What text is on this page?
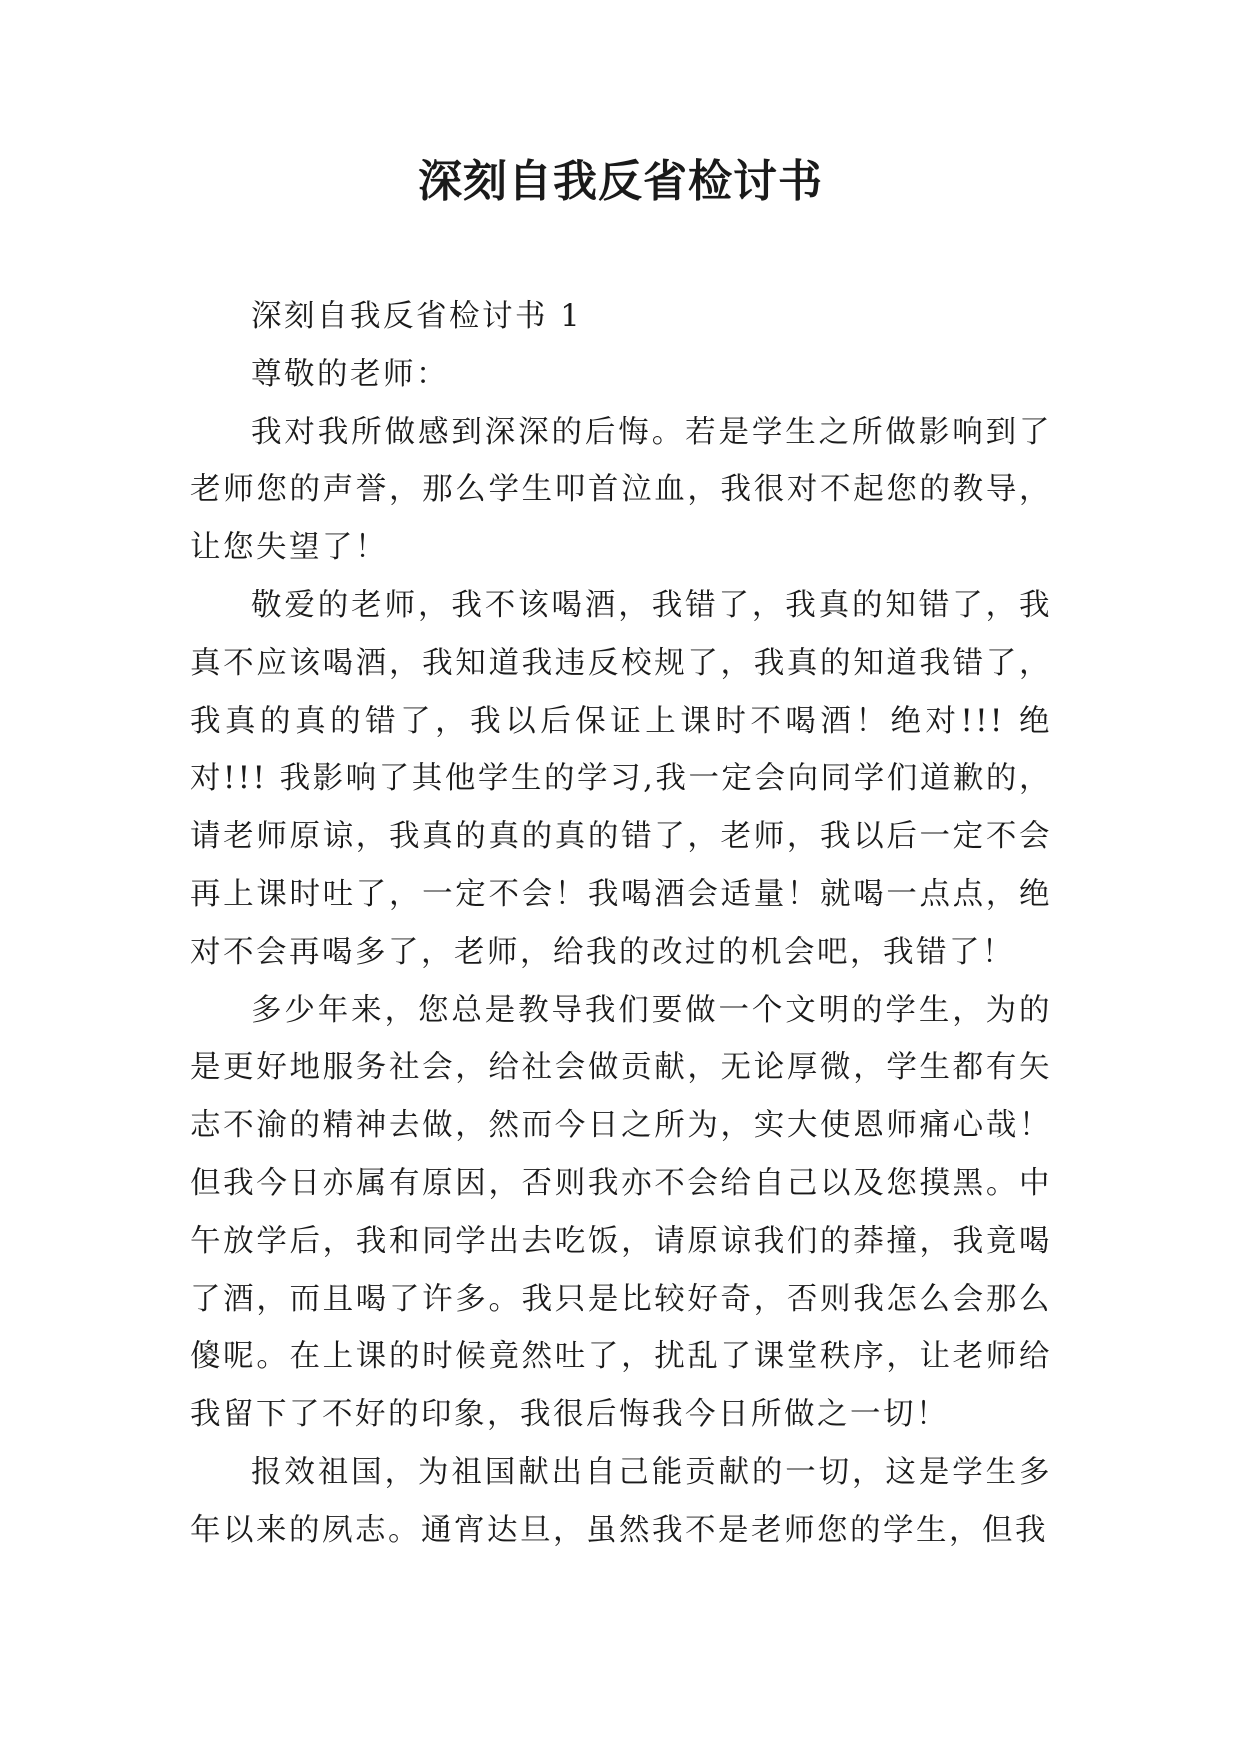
深刻自我反省检讨书

深刻自我反省检讨书 1

尊敬的老师：

我对我所做感到深深的后悔。若是学生之所做影响到了老师您的声誉，那么学生叩首泣血，我很对不起您的教导，让您失望了！

敬爱的老师，我不该喝酒，我错了，我真的知错了，我真不应该喝酒，我知道我违反校规了，我真的知道我错了，我真的真的错了，我以后保证上课时不喝酒！绝对!!! 绝对!!! 我影响了其他学生的学习,我一定会向同学们道歉的，请老师原谅，我真的真的真的错了，老师，我以后一定不会再上课时吐了，一定不会！我喝酒会适量！就喝一点点，绝对不会再喝多了，老师，给我的改过的机会吧，我错了！

多少年来，您总是教导我们要做一个文明的学生，为的是更好地服务社会，给社会做贡献，无论厚微，学生都有矢志不渝的精神去做，然而今日之所为，实大使恩师痛心哉！但我今日亦属有原因，否则我亦不会给自己以及您摸黑。中午放学后，我和同学出去吃饭，请原谅我们的莽撞，我竟喝了酒，而且喝了许多。我只是比较好奇，否则我怎么会那么傻呢。在上课的时候竟然吐了，扰乱了课堂秩序，让老师给我留下了不好的印象，我很后悔我今日所做之一切！

报效祖国，为祖国献出自己能贡献的一切，这是学生多年以来的夙志。通宵达旦，虽然我不是老师您的学生，但我
